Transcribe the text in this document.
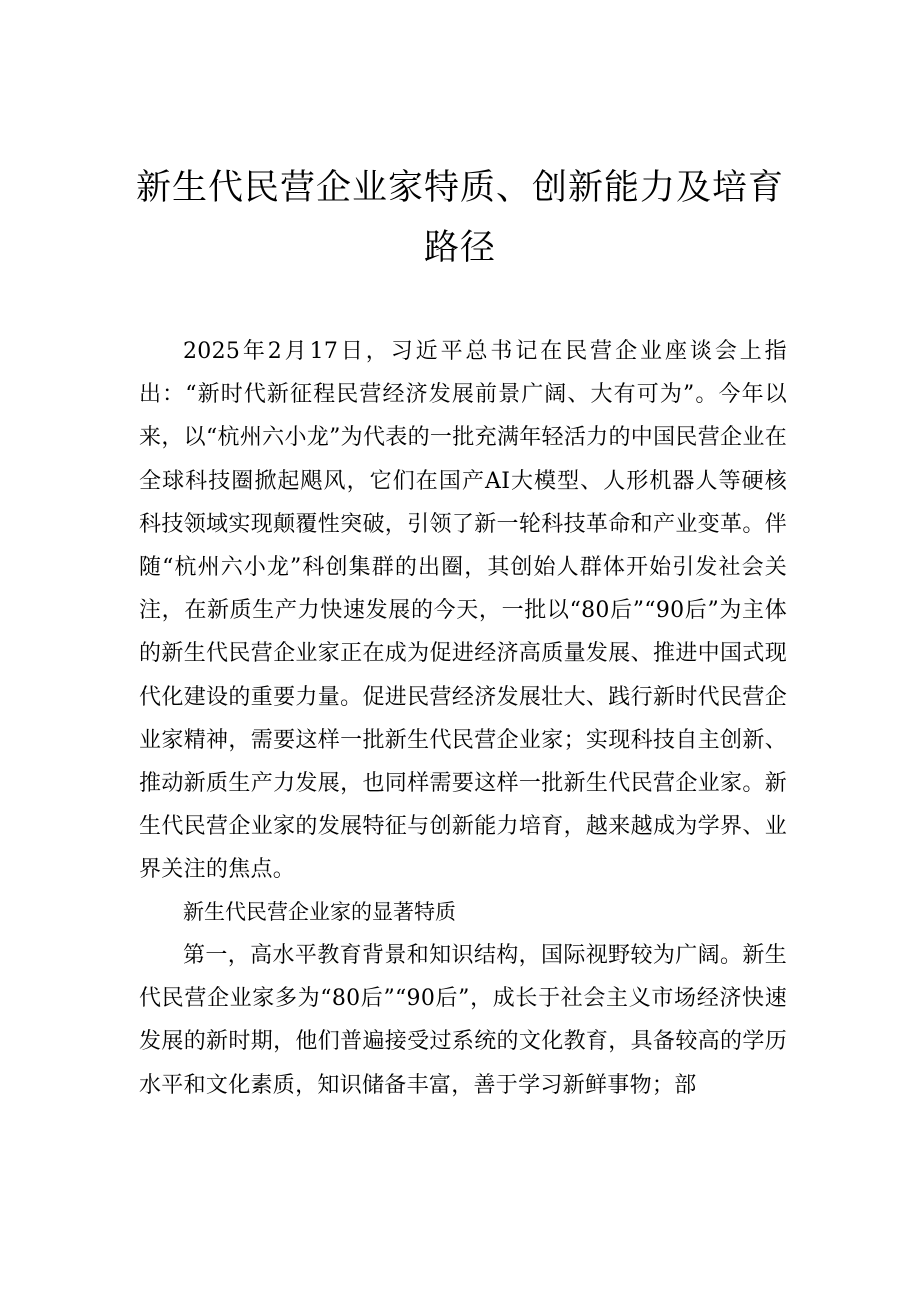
新生代民营企业家特质、创新能力及培育路径

2025年2月17日，习近平总书记在民营企业座谈会上指出：“新时代新征程民营经济发展前景广阔、大有可为”。今年以来，以“杭州六小龙”为代表的一批充满年轻活力的中国民营企业在全球科技圈掀起飓风，它们在国产AI大模型、人形机器人等硬核科技领域实现颠覆性突破，引领了新一轮科技革命和产业变革。伴随“杭州六小龙”科创集群的出圈，其创始人群体开始引发社会关注，在新质生产力快速发展的今天，一批以“80后”“90后”为主体的新生代民营企业家正在成为促进经济高质量发展、推进中国式现代化建设的重要力量。促进民营经济发展壮大、践行新时代民营企业家精神，需要这样一批新生代民营企业家；实现科技自主创新、推动新质生产力发展，也同样需要这样一批新生代民营企业家。新生代民营企业家的发展特征与创新能力培育，越来越成为学界、业界关注的焦点。

新生代民营企业家的显著特质

第一，高水平教育背景和知识结构，国际视野较为广阔。新生代民营企业家多为“80后”“90后”，成长于社会主义市场经济快速发展的新时期，他们普遍接受过系统的文化教育，具备较高的学历水平和文化素质，知识储备丰富，善于学习新鲜事物；部
